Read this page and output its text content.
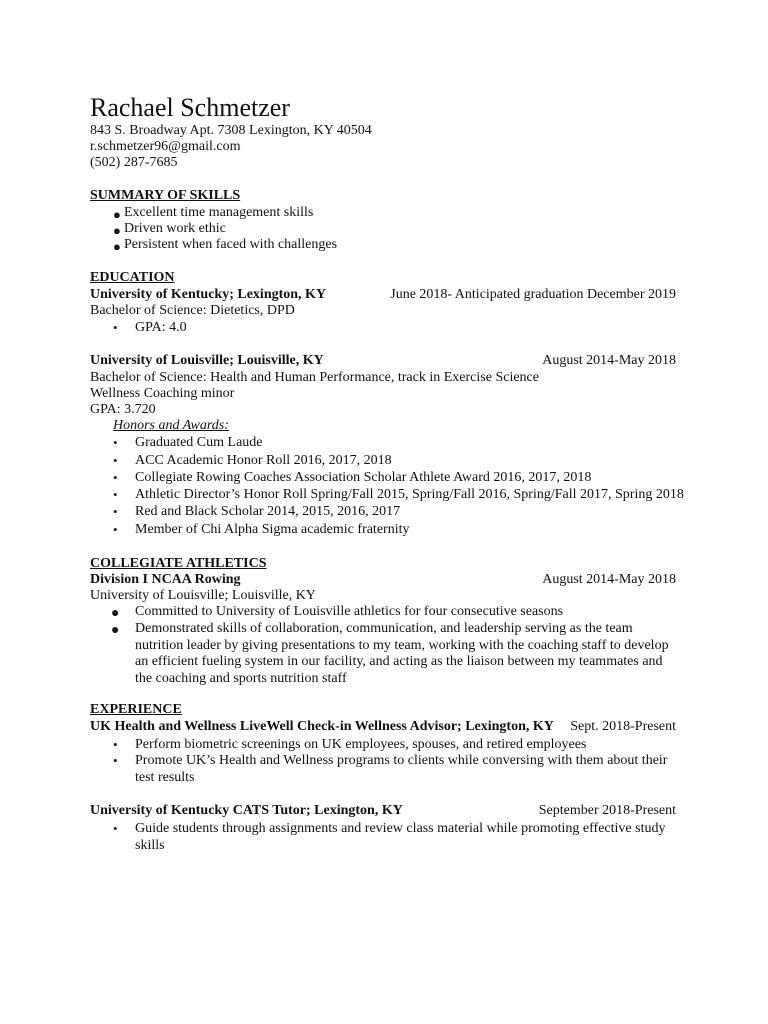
Rachael Schmetzer
843 S. Broadway Apt. 7308 Lexington, KY 40504
r.schmetzer96@gmail.com
(502) 287-7685
SUMMARY OF SKILLS
● Excellent time management skills
● Driven work ethic
● Persistent when faced with challenges
EDUCATION
University of Kentucky; Lexington, KY	June 2018- Anticipated graduation December 2019
Bachelor of Science: Dietetics, DPD
• GPA: 4.0
University of Louisville; Louisville, KY	August 2014-May 2018
Bachelor of Science: Health and Human Performance, track in Exercise Science
Wellness Coaching minor
GPA: 3.720
Honors and Awards:
• Graduated Cum Laude
• ACC Academic Honor Roll 2016, 2017, 2018
• Collegiate Rowing Coaches Association Scholar Athlete Award 2016, 2017, 2018
• Athletic Director’s Honor Roll Spring/Fall 2015, Spring/Fall 2016, Spring/Fall 2017, Spring 2018
• Red and Black Scholar 2014, 2015, 2016, 2017
• Member of Chi Alpha Sigma academic fraternity
COLLEGIATE ATHLETICS
Division I NCAA Rowing	August 2014-May 2018
University of Louisville; Louisville, KY
● Committed to University of Louisville athletics for four consecutive seasons
● Demonstrated skills of collaboration, communication, and leadership serving as the team nutrition leader by giving presentations to my team, working with the coaching staff to develop an efficient fueling system in our facility, and acting as the liaison between my teammates and the coaching and sports nutrition staff
EXPERIENCE
UK Health and Wellness LiveWell Check-in Wellness Advisor; Lexington, KY Sept. 2018-Present
• Perform biometric screenings on UK employees, spouses, and retired employees
• Promote UK’s Health and Wellness programs to clients while conversing with them about their test results
University of Kentucky CATS Tutor; Lexington, KY	September 2018-Present
• Guide students through assignments and review class material while promoting effective study skills
